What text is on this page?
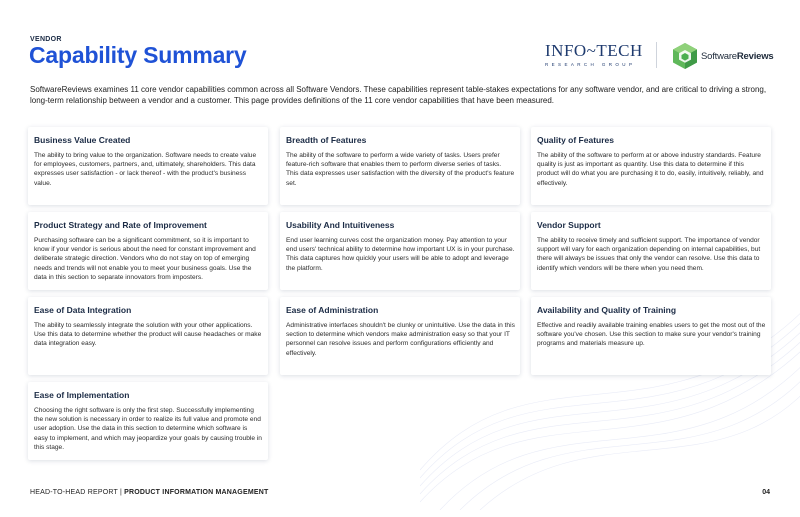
VENDOR
Capability Summary	INFO~TECH
RESEARCH GROUP
SoftwareReviews
SoftwareReviews examines 11 core vendor capabilities common across all Software Vendors. These capabilities represent table-stakes expectations for any software vendor, and are critical to driving a strong, long-term relationship between a vendor and a customer. This page provides definitions of the 11 core vendor capabilities that have been measured.
Business Value Created
The ability to bring value to the organization. Software needs to create value for employees, customers, partners, and, ultimately, shareholders. This data expresses user satisfaction - or lack thereof - with the product's business value.
Breadth of Features
The ability of the software to perform a wide variety of tasks. Users prefer feature-rich software that enables them to perform diverse series of tasks. This data expresses user satisfaction with the diversity of the product's feature set.
Quality of Features
The ability of the software to perform at or above industry standards. Feature quality is just as important as quantity. Use this data to determine if this product will do what you are purchasing it to do, easily, intuitively, reliably, and effectively.
Product Strategy and Rate of Improvement
Purchasing software can be a significant commitment, so it is important to know if your vendor is serious about the need for constant improvement and deliberate strategic direction. Vendors who do not stay on top of emerging needs and trends will not enable you to meet your business goals. Use the data in this section to separate innovators from imposters.
Usability And Intuitiveness
End user learning curves cost the organization money. Pay attention to your end users' technical ability to determine how important UX is in your purchase. This data captures how quickly your users will be able to adopt and leverage the platform.
Vendor Support
The ability to receive timely and sufficient support. The importance of vendor support will vary for each organization depending on internal capabilities, but there will always be issues that only the vendor can resolve. Use this data to identify which vendors will be there when you need them.
Ease of Data Integration
The ability to seamlessly integrate the solution with your other applications. Use this data to determine whether the product will cause headaches or make data integration easy.
Ease of Administration
Administrative interfaces shouldn't be clunky or unintuitive. Use the data in this section to determine which vendors make administration easy so that your IT personnel can resolve issues and perform configurations efficiently and effectively.
Availability and Quality of Training
Effective and readily available training enables users to get the most out of the software you've chosen. Use this section to make sure your vendor's training programs and materials measure up.
Ease of Implementation
Choosing the right software is only the first step. Successfully implementing the new solution is necessary in order to realize its full value and promote end user adoption. Use the data in this section to determine which software is easy to implement, and which may jeopardize your goals by causing trouble in this stage.
HEAD-TO-HEAD REPORT | PRODUCT INFORMATION MANAGEMENT	04
